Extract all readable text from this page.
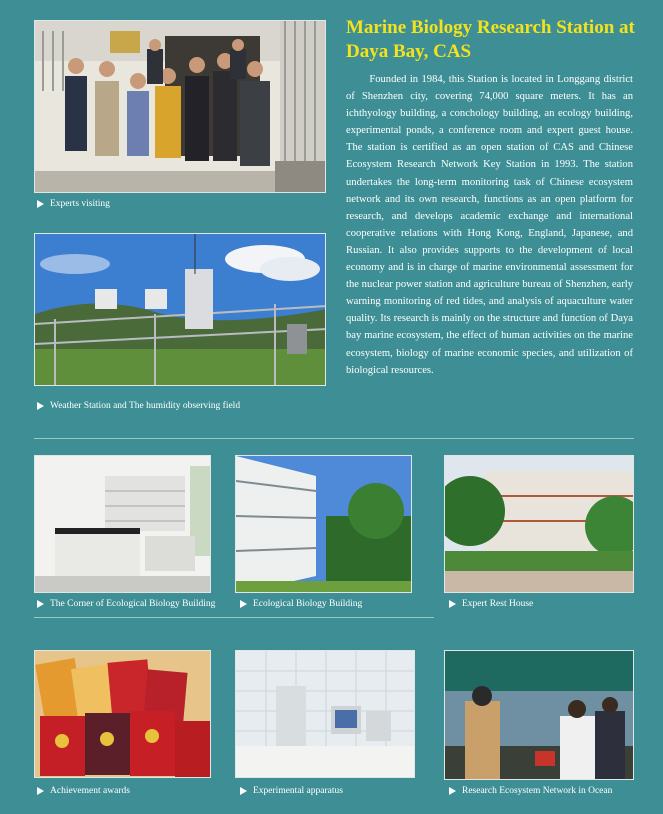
Marine Biology Research Station at Daya Bay, CAS
Founded in 1984, this Station is located in Longgang district of Shenzhen city, covering 74,000 square meters. It has an ichthyology building, a conchology building, an ecology building, experimental ponds, a conference room and expert guest house. The station is certified as an open station of CAS and Chinese Ecosystem Research Network Key Station in 1993. The station undertakes the long-term monitoring task of Chinese ecosystem network and its own research, functions as an open platform for research, and develops academic exchange and international cooperative relations with Hong Kong, England, Japanese, and Russian. It also provides supports to the development of local economy and is in charge of marine environmental assessment for the nuclear power station and agriculture bureau of Shenzhen, early warning monitoring of red tides, and analysis of aquaculture water quality. Its research is mainly on the structure and function of Daya bay marine ecosystem, the effect of human activities on the marine ecosystem, biology of marine economic species, and utilization of biological resources.
Experts visiting
Weather Station and The humidity observing field
The Corner of Ecological Biology Building	Ecological Biology Building	Expert Rest House
Achievement awards	Experimental apparatus	Research Ecosystem Network in Ocean
